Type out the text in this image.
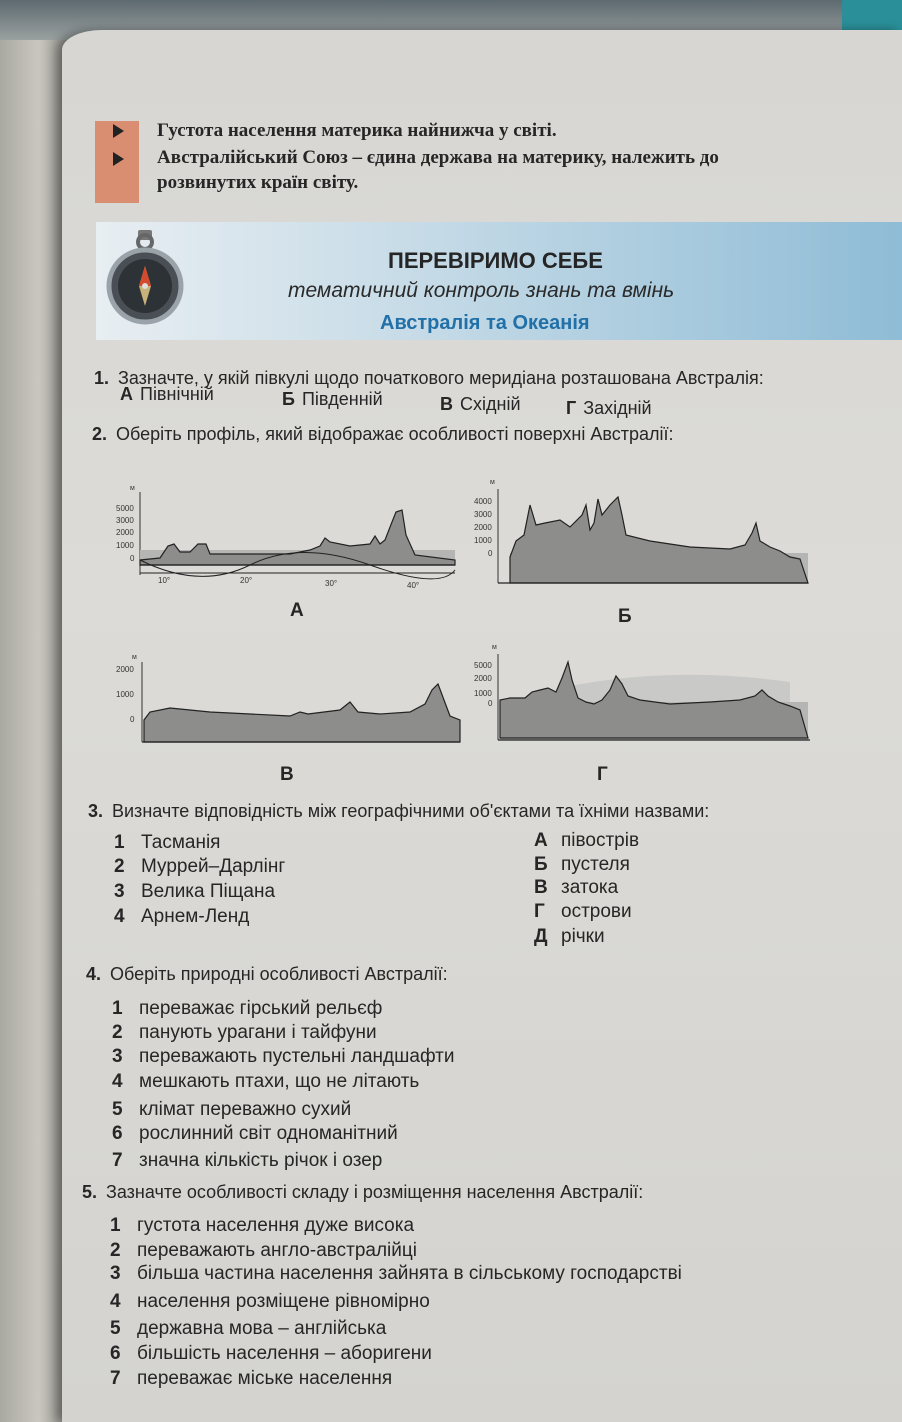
Густота населення материка найнижча у світі.
Австралійський Союз – єдина держава на материку, належить до
розвинутих країн світу.
ПЕРЕВІРИМО СЕБЕ
тематичний контроль знань та вмінь
Австралія та Океанія
1. Зазначте, у якій півкулі щодо початкового меридіана розташована Австралія:
А Північній	Б Південній	В Східній	Г Західній
2. Оберіть профіль, який відображає особливості поверхні Австралії:
м
5000
3000
2000
1000
0
10°	20°	30°	40°
А
м
4000
3000
2000
1000
0
Б
м
2000
1000
0
В
м
5000
2000
1000
0
Г
3. Визначте відповідність між географічними об'єктами та їхніми назвами:
1 Тасманія
2 Муррей–Дарлінг
3 Велика Піщана
4 Арнем-Ленд
А півострів
Б пустеля
В затока
Г острови
Д річки
4. Оберіть природні особливості Австралії:
1 переважає гірський рельєф
2 панують урагани і тайфуни
3 переважають пустельні ландшафти
4 мешкають птахи, що не літають
5 клімат переважно сухий
6 рослинний світ одноманітний
7 значна кількість річок і озер
5. Зазначте особливості складу і розміщення населення Австралії:
1 густота населення дуже висока
2 переважають англо-австралійці
3 більша частина населення зайнята в сільському господарстві
4 населення розміщене рівномірно
5 державна мова – англійська
6 більшість населення – аборигени
7 переважає міське населення
